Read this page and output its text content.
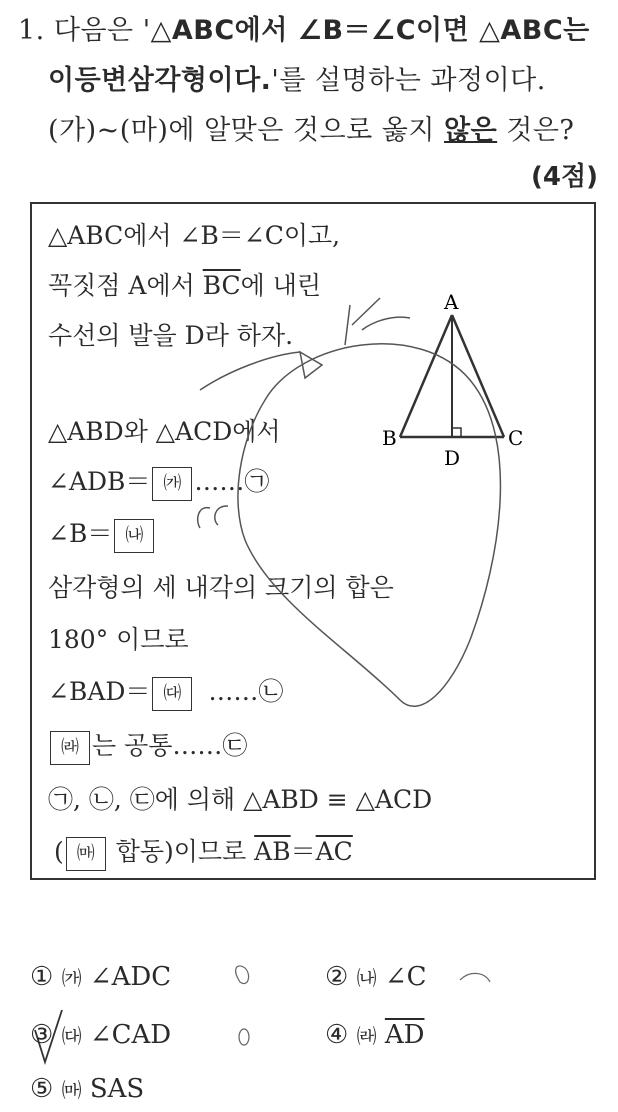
1. 다음은 '△ABC에서 ∠B＝∠C이면 △ABC는
이등변삼각형이다.'를 설명하는 과정이다.
(가)~(마)에 알맞은 것으로 옳지 않은 것은?
(4점)
△ABC에서 ∠B＝∠C이고,
꼭짓점 A에서 $\overline{BC}$에 내린
수선의 발을 D라 하자.
△ABD와 △ACD에서
∠ADB＝ ㈎ ……㉠
∠B＝ ㈏
삼각형의 세 내각의 크기의 합은
180° 이므로
∠BAD＝ ㈐ ……㉡
㈑ 는 공통……㉢
㉠, ㉡, ㉢에 의해 △ABD ≡ △ACD
( ㈒ 합동)이므로 $\overline{AB}=\overline{AC}$
A
B	C
D
① ㈎ ∠ADC	② ㈏ ∠C
③ ㈐ ∠CAD	④ ㈑ $\overline{AD}$
⑤ ㈒ SAS
